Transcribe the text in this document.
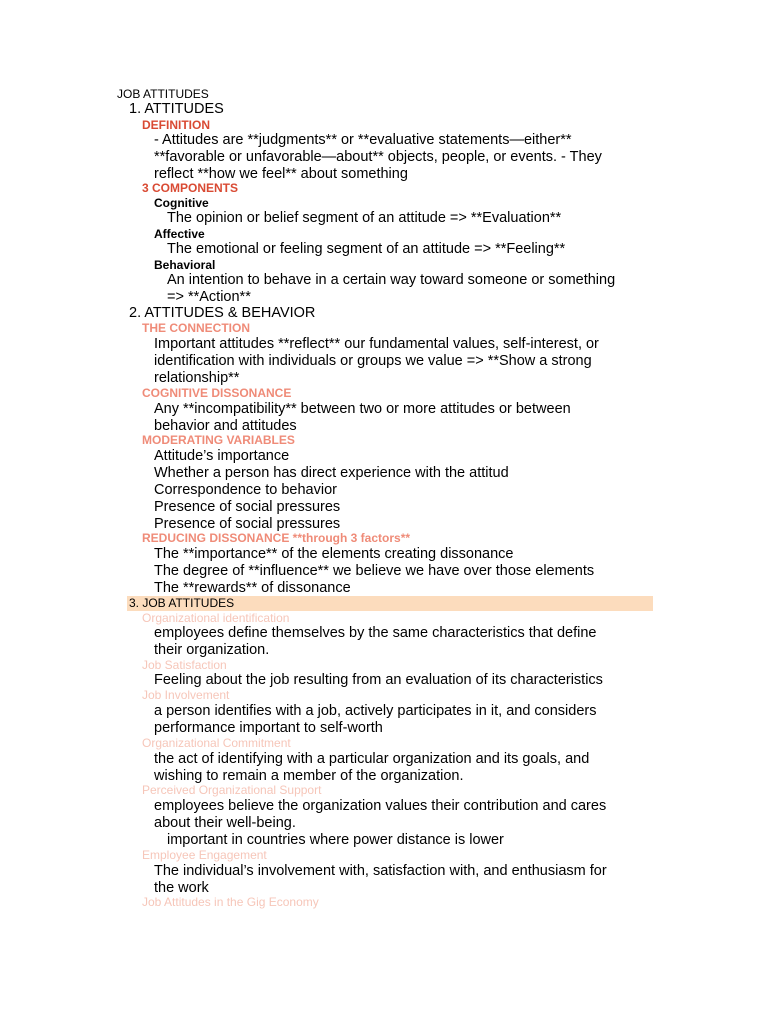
JOB ATTITUDES
1. ATTITUDES
DEFINITION
- Attitudes are **judgments** or **evaluative statements—either**
**favorable or unfavorable—about** objects, people, or events. - They
reflect **how we feel** about something
3 COMPONENTS
Cognitive
The opinion or belief segment of an attitude => **Evaluation**
Affective
The emotional or feeling segment of an attitude => **Feeling**
Behavioral
An intention to behave in a certain way toward someone or something
=> **Action**
2. ATTITUDES & BEHAVIOR
THE CONNECTION
Important attitudes **reflect** our fundamental values, self-interest, or
identification with individuals or groups we value => **Show a strong
relationship**
COGNITIVE DISSONANCE
Any **incompatibility** between two or more attitudes or between
behavior and attitudes
MODERATING VARIABLES
Attitude’s importance
Whether a person has direct experience with the attitud
Correspondence to behavior
Presence of social pressures
Presence of social pressures
REDUCING DISSONANCE **through 3 factors**
The **importance** of the elements creating dissonance
The degree of **influence** we believe we have over those elements
The **rewards** of dissonance
3. JOB ATTITUDES
Organizational identification
employees define themselves by the same characteristics that define
their organization.
Job Satisfaction
Feeling about the job resulting from an evaluation of its characteristics
Job Involvement
a person identifies with a job, actively participates in it, and considers
performance important to self-worth
Organizational Commitment
the act of identifying with a particular organization and its goals, and
wishing to remain a member of the organization.
Perceived Organizational Support
employees believe the organization values their contribution and cares
about their well-being.
important in countries where power distance is lower
Employee Engagement
The individual’s involvement with, satisfaction with, and enthusiasm for
the work
Job Attitudes in the Gig Economy
